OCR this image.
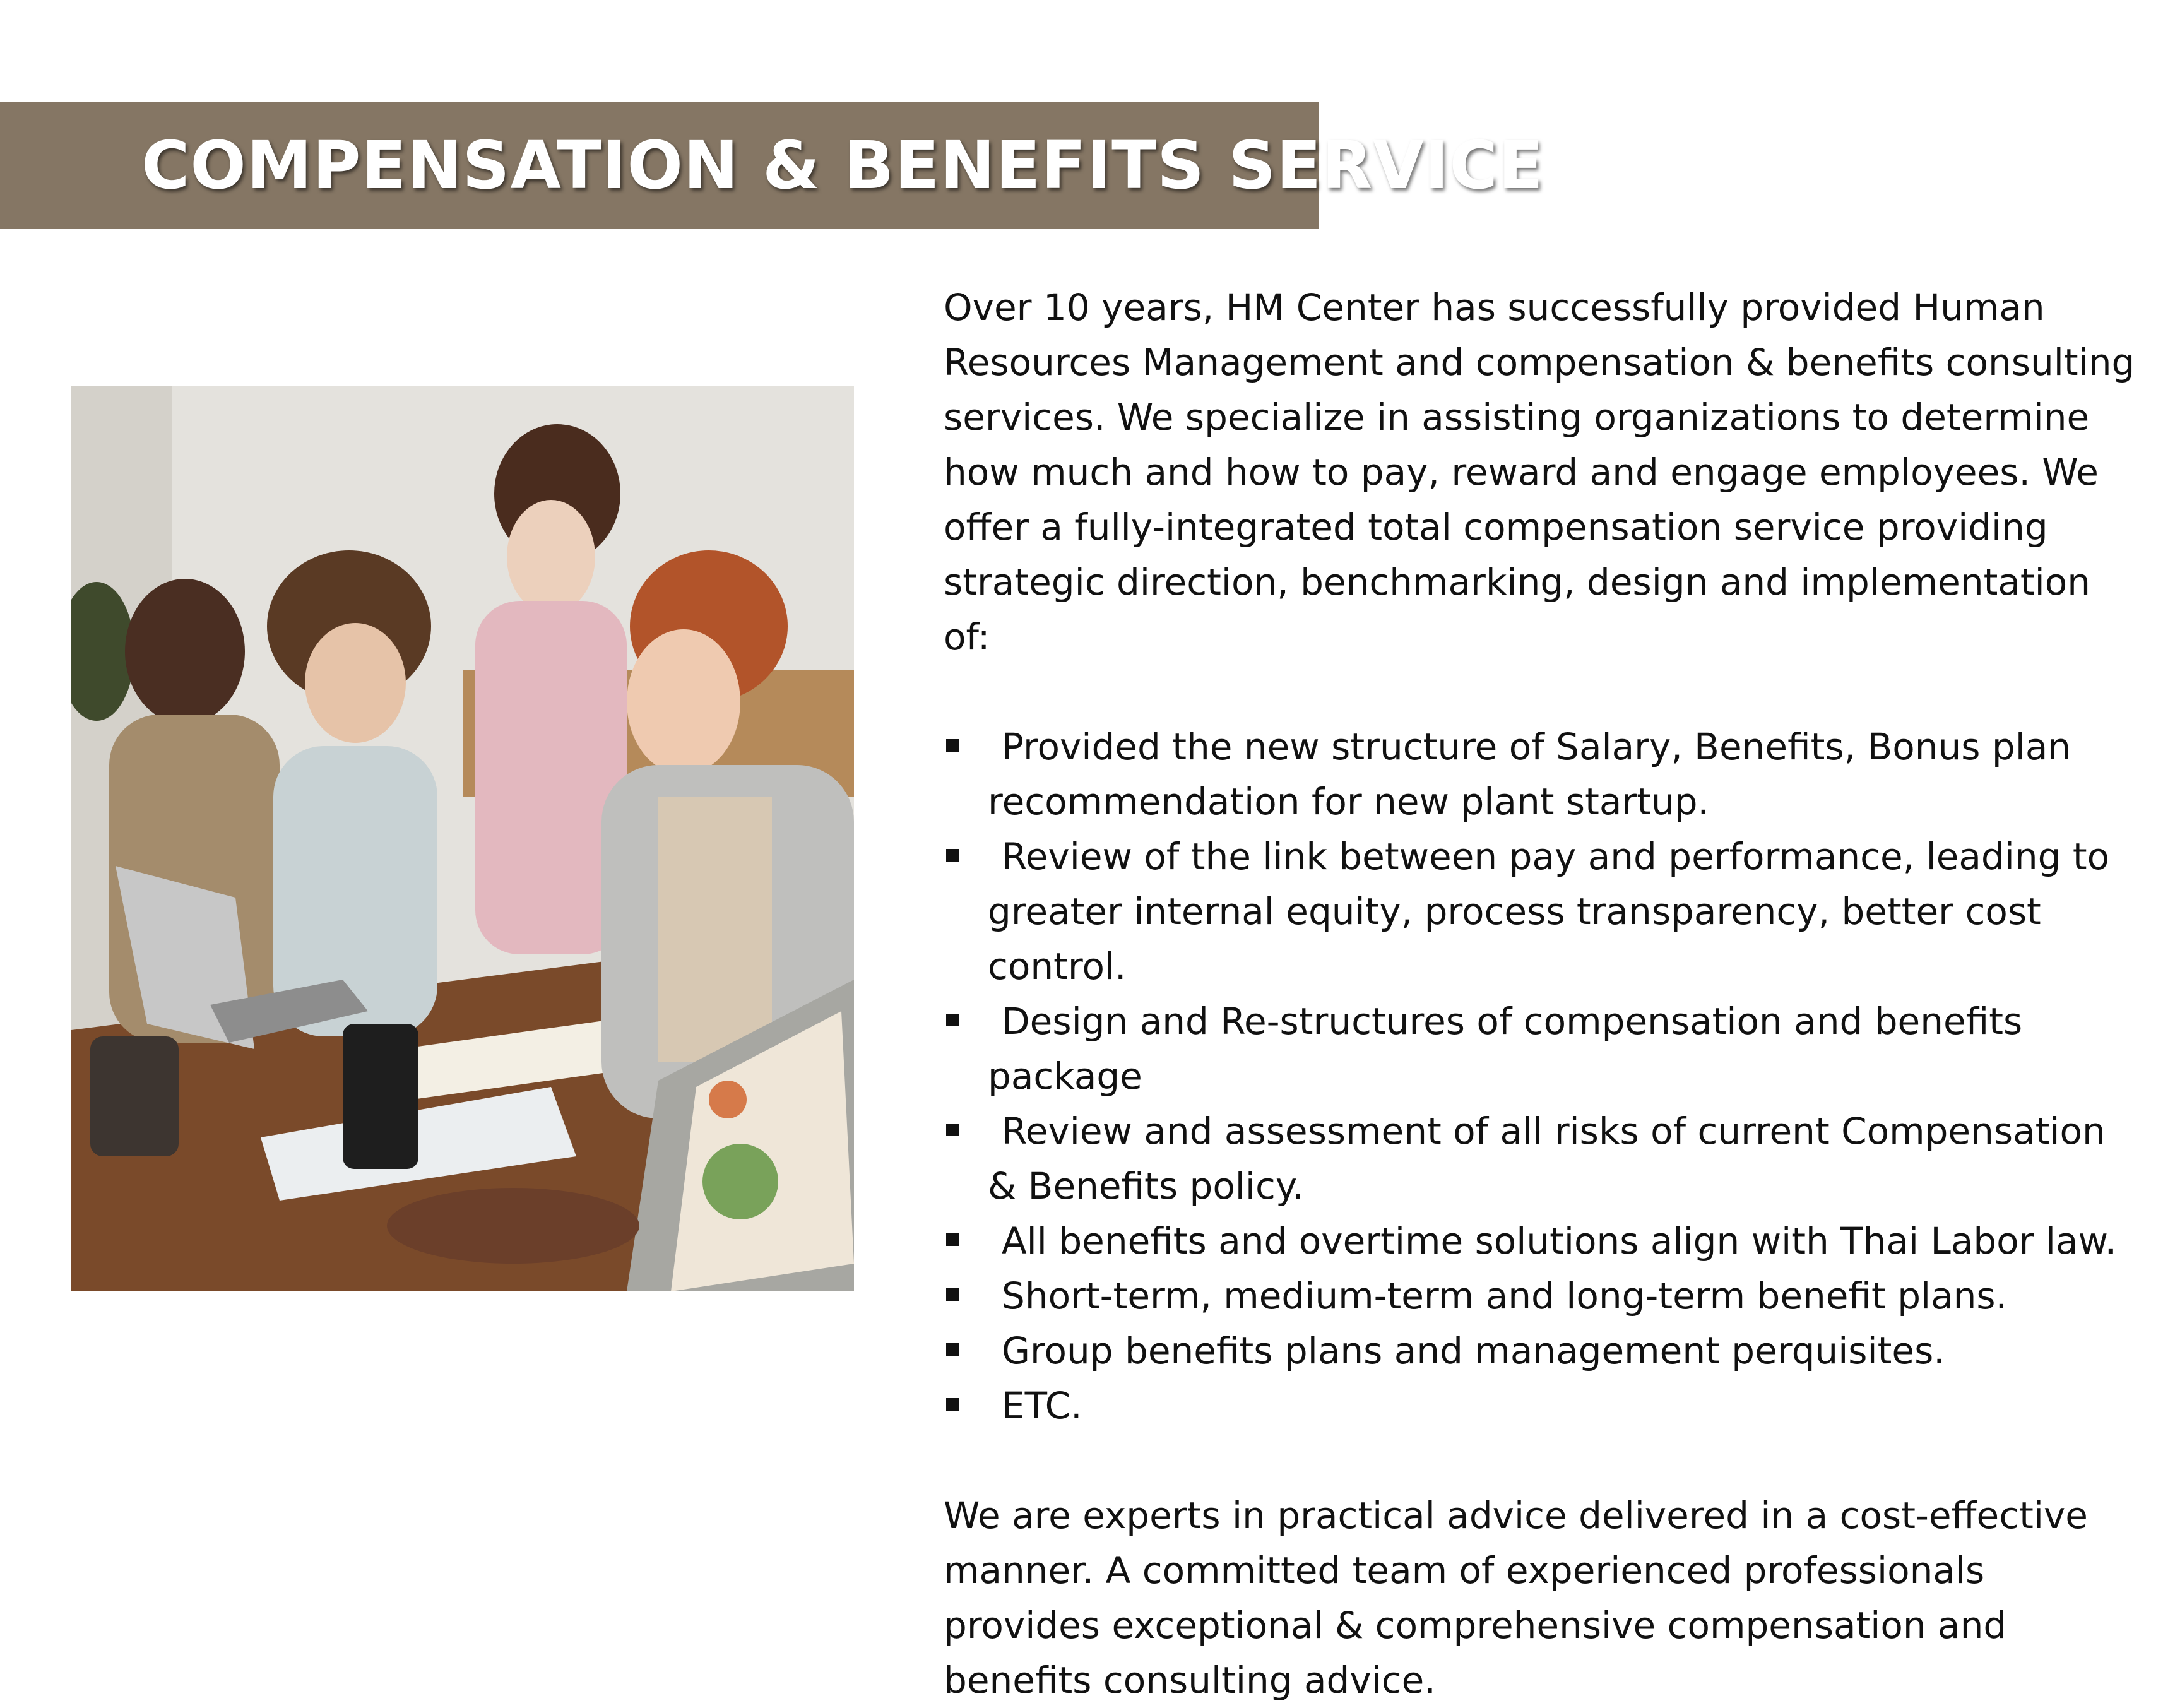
COMPENSATION & BENEFITS SERVICE

Over 10 years, HM Center has successfully provided Human Resources Management and compensation & benefits consulting services. We specialize in assisting organizations to determine how much and how to pay, reward and engage employees. We offer a fully-integrated total compensation service providing strategic direction, benchmarking, design and implementation of:

Provided the new structure of Salary, Benefits, Bonus plan recommendation for new plant startup.
Review of the link between pay and performance, leading to greater internal equity, process transparency, better cost control.
Design and Re-structures of compensation and benefits package
Review and assessment of all risks of current Compensation & Benefits policy.
All benefits and overtime solutions align with Thai Labor law.
Short-term, medium-term and long-term benefit plans.
Group benefits plans and management perquisites.
ETC.

We are experts in practical advice delivered in a cost-effective manner. A committed team of experienced professionals provides exceptional & comprehensive compensation and benefits consulting advice.
